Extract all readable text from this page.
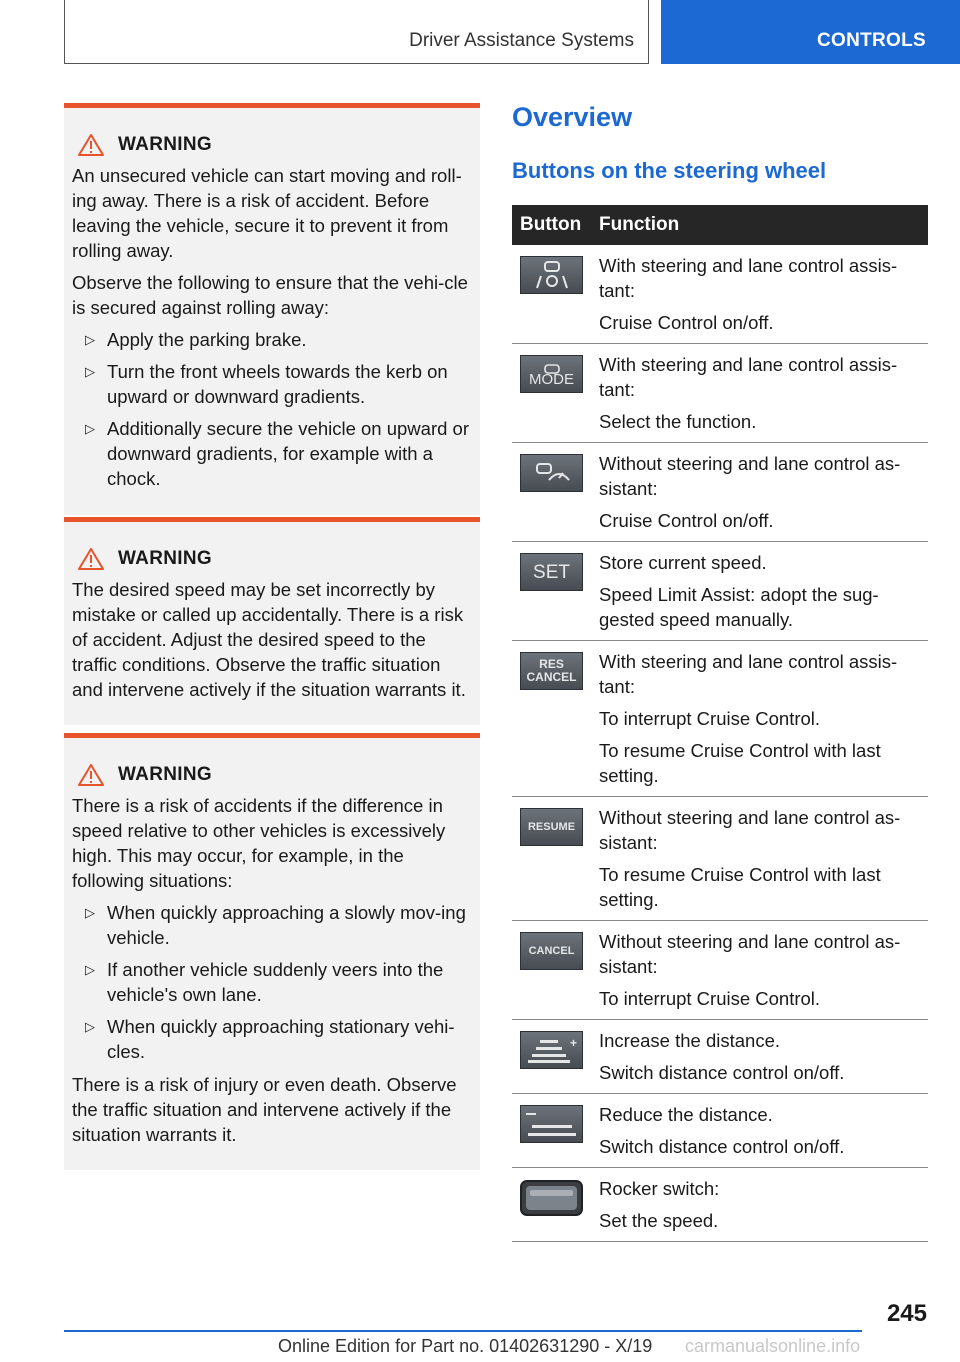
Driver Assistance Systems	CONTROLS
WARNING

An unsecured vehicle can start moving and roll-ing away. There is a risk of accident. Before leaving the vehicle, secure it to prevent it from rolling away.

Observe the following to ensure that the vehi-cle is secured against rolling away:

▷ Apply the parking brake.
▷ Turn the front wheels towards the kerb on upward or downward gradients.
▷ Additionally secure the vehicle on upward or downward gradients, for example with a chock.
WARNING

The desired speed may be set incorrectly by mistake or called up accidentally. There is a risk of accident. Adjust the desired speed to the traffic conditions. Observe the traffic situation and intervene actively if the situation warrants it.

WARNING

There is a risk of accidents if the difference in speed relative to other vehicles is excessively high. This may occur, for example, in the following situations:

▷ When quickly approaching a slowly mov-ing vehicle.
▷ If another vehicle suddenly veers into the vehicle's own lane.
▷ When quickly approaching stationary vehi-cles.

There is a risk of injury or even death. Observe the traffic situation and intervene actively if the situation warrants it.

Overview
Buttons on the steering wheel
Button Function

With steering and lane control assis-tant:

Cruise Control on/off.

MODE

With steering and lane control assis-tant:

Select the function.

Without steering and lane control as-sistant:

Cruise Control on/off.

SET Store current speed.

Speed Limit Assist: adopt the sug-gested speed manually.

RES CANCEL

With steering and lane control assis-tant:

To interrupt Cruise Control.

To resume Cruise Control with last setting.

RESUME Without steering and lane control as-sistant:

To resume Cruise Control with last setting.

CANCEL Without steering and lane control as-sistant:

To interrupt Cruise Control.

+ Increase the distance.

Switch distance control on/off.

Reduce the distance.

Switch distance control on/off.

Rocker switch:

Set the speed.

245
Online Edition for Part no. 01402631290 - X/19 carmanualsonline.info
